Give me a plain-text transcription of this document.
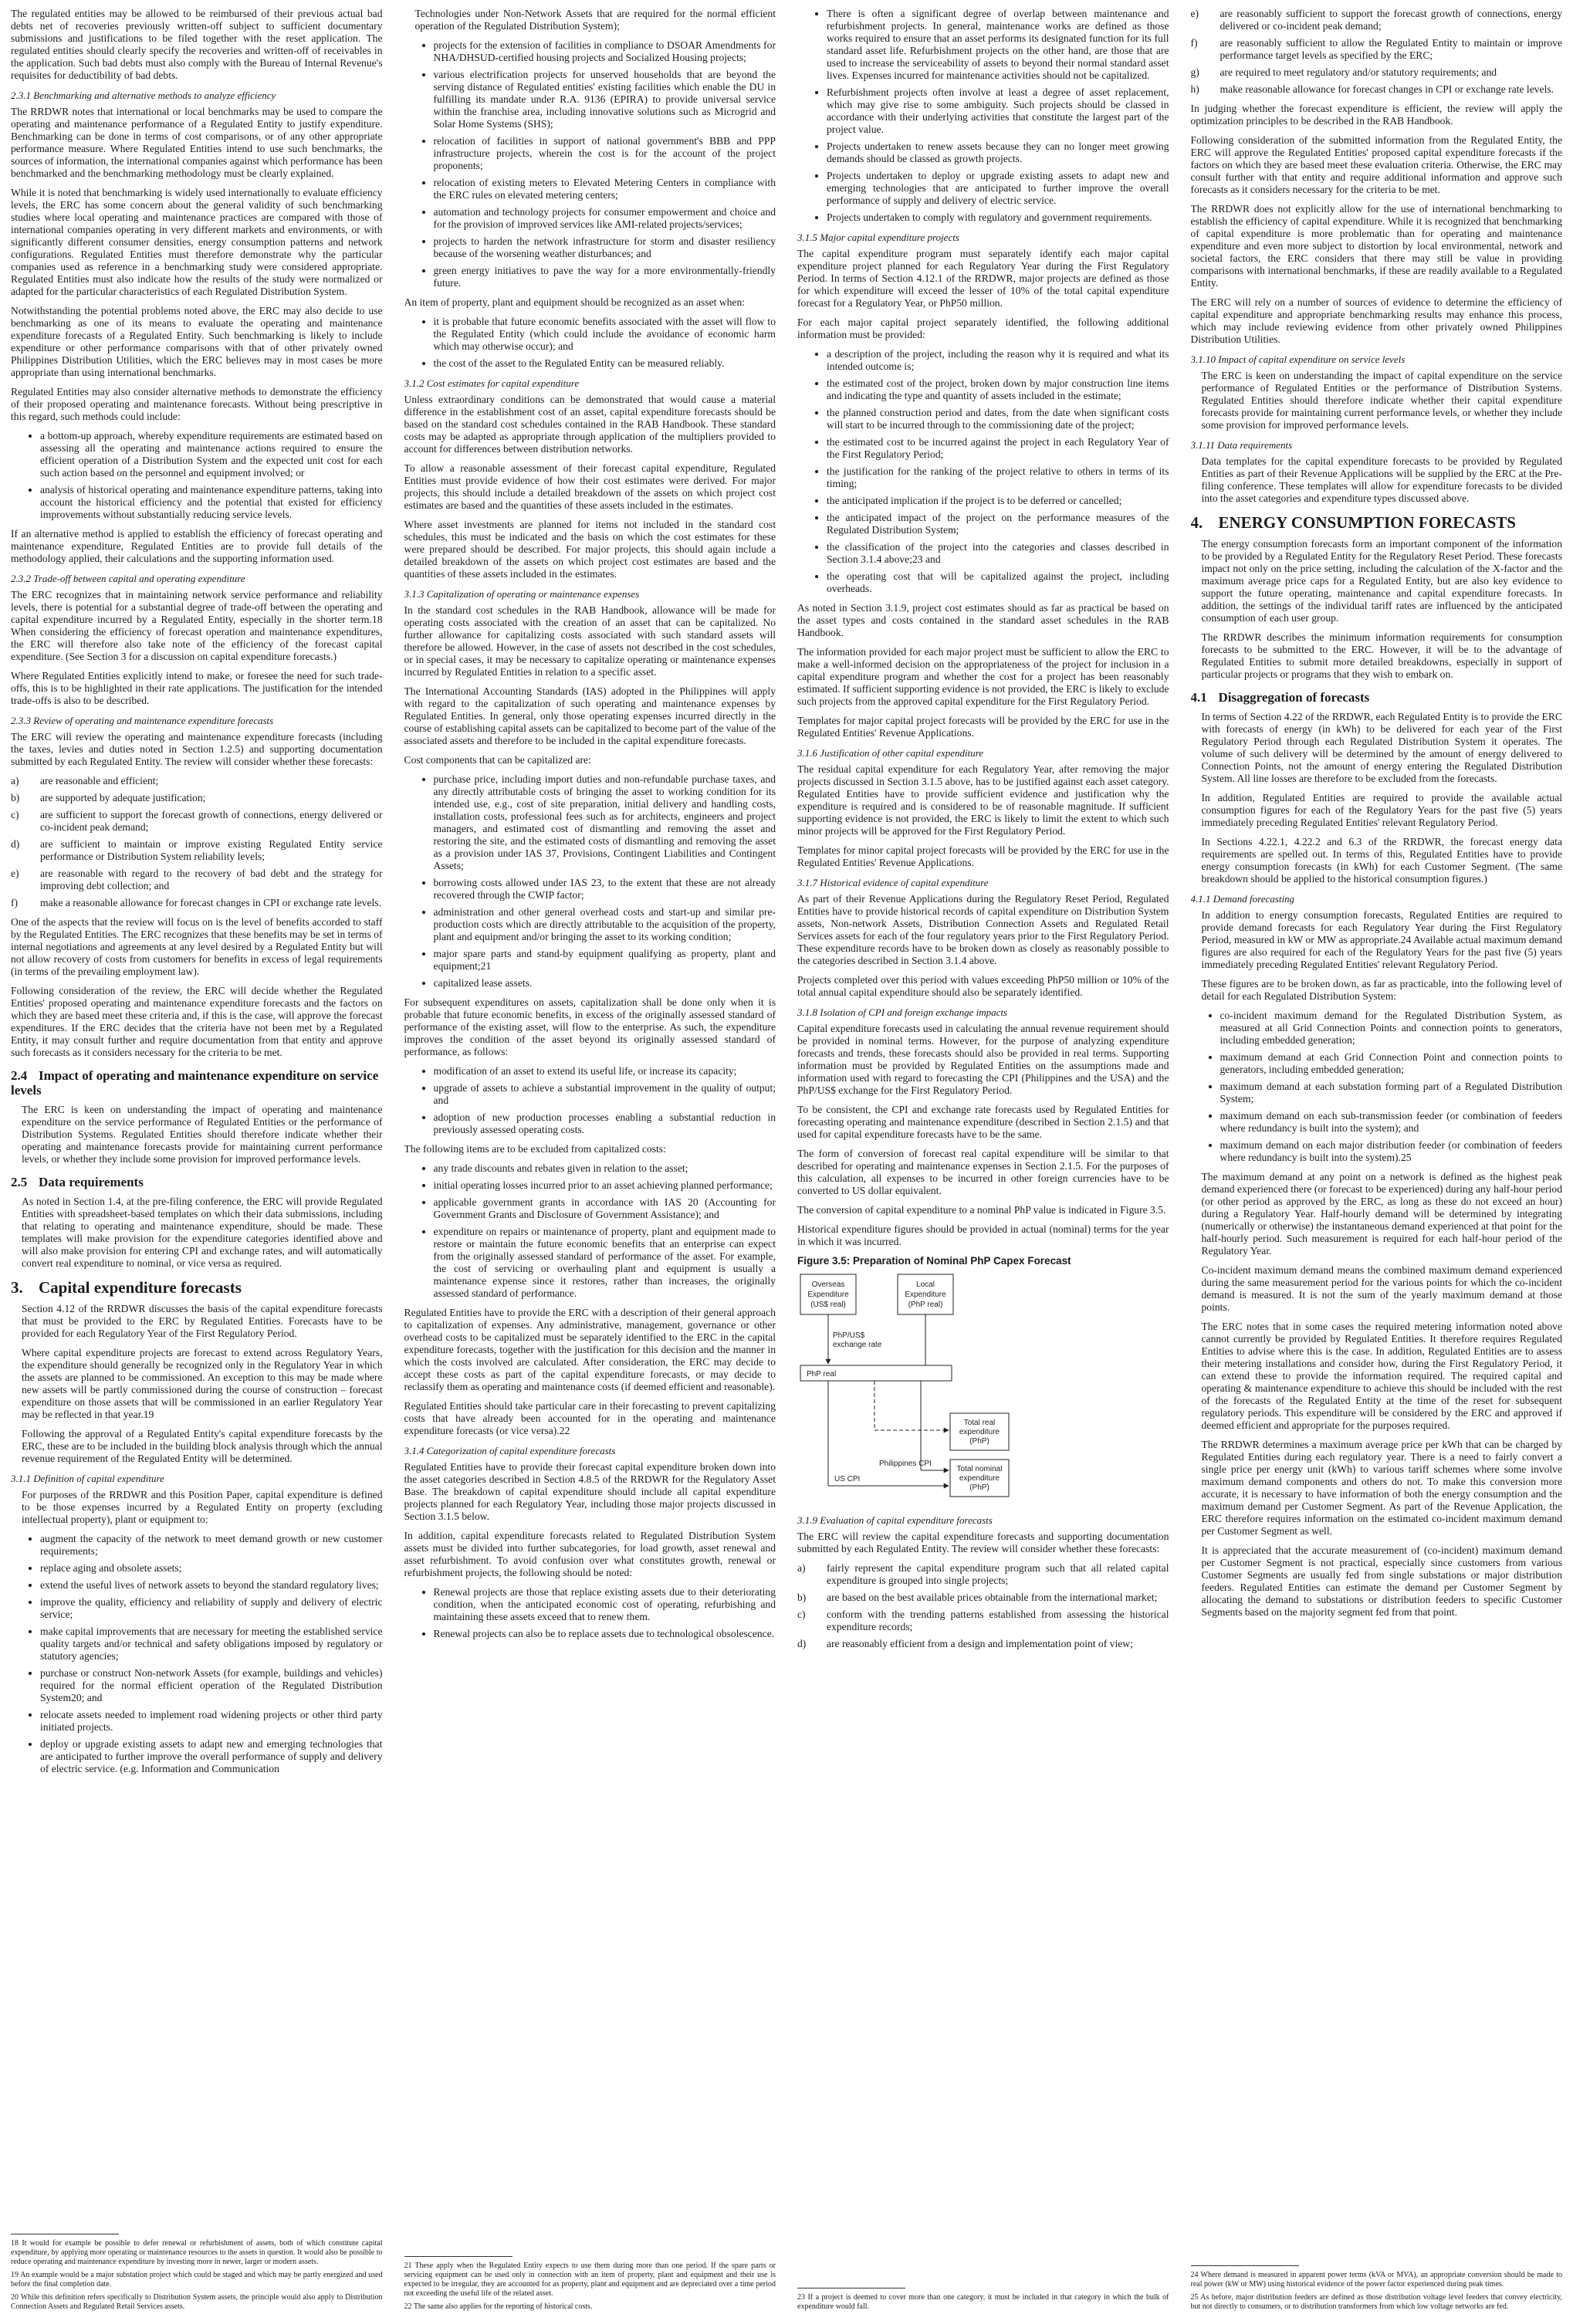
The regulated entities may be allowed to be reimbursed of their previous actual bad debts net of recoveries previously written-off subject to sufficient documentary submissions and justifications to be filed together with the reset application. The regulated entities should clearly specify the recoveries and written-off of receivables in the application. Such bad debts must also comply with the Bureau of Internal Revenue's requisites for deductibility of bad debts.

2.3.1 Benchmarking and alternative methods to analyze efficiency

The RRDWR notes that international or local benchmarks may be used to compare the operating and maintenance performance of a Regulated Entity to justify expenditure. Benchmarking can be done in terms of cost comparisons, or of any other appropriate performance measure. Where Regulated Entities intend to use such benchmarks, the sources of information, the international companies against which performance has been benchmarked and the benchmarking methodology must be clearly explained.

While it is noted that benchmarking is widely used internationally to evaluate efficiency levels, the ERC has some concern about the general validity of such benchmarking studies where local operating and maintenance practices are compared with those of international companies operating in very different markets and environments, or with significantly different consumer densities, energy consumption patterns and network configurations. Regulated Entities must therefore demonstrate why the particular companies used as reference in a benchmarking study were considered appropriate. Regulated Entities must also indicate how the results of the study were normalized or adapted for the particular characteristics of each Regulated Distribution System.

Notwithstanding the potential problems noted above, the ERC may also decide to use benchmarking as one of its means to evaluate the operating and maintenance expenditure forecasts of a Regulated Entity. Such benchmarking is likely to include expenditure or other performance comparisons with that of other privately owned Philippines Distribution Utilities, which the ERC believes may in most cases be more appropriate than using international benchmarks.

Regulated Entities may also consider alternative methods to demonstrate the efficiency of their proposed operating and maintenance forecasts. Without being prescriptive in this regard, such methods could include:

• a bottom-up approach, whereby expenditure requirements are estimated based on assessing all the operating and maintenance actions required to ensure the efficient operation of a Distribution System and the expected unit cost for each such action based on the personnel and equipment involved; or
• analysis of historical operating and maintenance expenditure patterns, taking into account the historical efficiency and the potential that existed for efficiency improvements without substantially reducing service levels.

If an alternative method is applied to establish the efficiency of forecast operating and maintenance expenditure, Regulated Entities are to provide full details of the methodology applied, their calculations and the supporting information used.

2.3.2 Trade-off between capital and operating expenditure

The ERC recognizes that in maintaining network service performance and reliability levels, there is potential for a substantial degree of trade-off between the operating and capital expenditure incurred by a Regulated Entity, especially in the shorter term.18 When considering the efficiency of forecast operation and maintenance expenditures, the ERC will therefore also take note of the efficiency of the forecast capital expenditure. (See Section 3 for a discussion on capital expenditure forecasts.)

Where Regulated Entities explicitly intend to make, or foresee the need for such trade-offs, this is to be highlighted in their rate applications. The justification for the intended trade-offs is also to be described.

2.3.3 Review of operating and maintenance expenditure forecasts

The ERC will review the operating and maintenance expenditure forecasts (including the taxes, levies and duties noted in Section 1.2.5) and supporting documentation submitted by each Regulated Entity. The review will consider whether these forecasts:

a)	are reasonable and efficient;
b)	are supported by adequate justification;
c)	are sufficient to support the forecast growth of connections, energy delivered or co-incident peak demand;
d)	are sufficient to maintain or improve existing Regulated Entity service performance or Distribution System reliability levels;
e)	are reasonable with regard to the recovery of bad debt and the strategy for improving debt collection; and
f)	make a reasonable allowance for forecast changes in CPI or exchange rate levels.

One of the aspects that the review will focus on is the level of benefits accorded to staff by the Regulated Entities. The ERC recognizes that these benefits may be set in terms of internal negotiations and agreements at any level desired by a Regulated Entity but will not allow recovery of costs from customers for benefits in excess of legal requirements (in terms of the prevailing employment law).

Following consideration of the review, the ERC will decide whether the Regulated Entities' proposed operating and maintenance expenditure forecasts and the factors on which they are based meet these criteria and, if this is the case, will approve the forecast expenditures. If the ERC decides that the criteria have not been met by a Regulated Entity, it may consult further and require documentation from that entity and approve such forecasts as it considers necessary for the criteria to be met.

2.4 Impact of operating and maintenance expenditure on service levels

The ERC is keen on understanding the impact of operating and maintenance expenditure on the service performance of Regulated Entities or the performance of Distribution Systems. Regulated Entities should therefore indicate whether their operating and maintenance forecasts provide for maintaining current performance levels, or whether they include some provision for improved performance levels.

2.5 Data requirements

As noted in Section 1.4, at the pre-filing conference, the ERC will provide Regulated Entities with spreadsheet-based templates on which their data submissions, including that relating to operating and maintenance expenditure, should be made. These templates will make provision for the expenditure categories identified above and will also make provision for entering CPI and exchange rates, and will automatically convert real expenditure to nominal, or vice versa as required.

3. Capital expenditure forecasts

Section 4.12 of the RRDWR discusses the basis of the capital expenditure forecasts that must be provided to the ERC by Regulated Entities. Forecasts have to be provided for each Regulatory Year of the First Regulatory Period.

Where capital expenditure projects are forecast to extend across Regulatory Years, the expenditure should generally be recognized only in the Regulatory Year in which the assets are planned to be commissioned. An exception to this may be made where new assets will be partly commissioned during the course of construction – forecast expenditure on those assets that will be commissioned in an earlier Regulatory Year may be reflected in that year.19

Following the approval of a Regulated Entity's capital expenditure forecasts by the ERC, these are to be included in the building block analysis through which the annual revenue requirement of the Regulated Entity will be determined.

3.1.1 Definition of capital expenditure

For purposes of the RRDWR and this Position Paper, capital expenditure is defined to be those expenses incurred by a Regulated Entity on property (excluding intellectual property), plant or equipment to:

• augment the capacity of the network to meet demand growth or new customer requirements;
• replace aging and obsolete assets;
• extend the useful lives of network assets to beyond the standard regulatory lives;
• improve the quality, efficiency and reliability of supply and delivery of electric service;
• make capital improvements that are necessary for meeting the established service quality targets and/or technical and safety obligations imposed by regulatory or statutory agencies;
• purchase or construct Non-network Assets (for example, buildings and vehicles) required for the normal efficient operation of the Regulated Distribution System20; and
• relocate assets needed to implement road widening projects or other third party initiated projects.
• deploy or upgrade existing assets to adapt new and emerging technologies that are anticipated to further improve the overall performance of supply and delivery of electric service. (e.g. Information and Communication

18 It would for example be possible to defer renewal or refurbishment of assets, both of which constitute capital expenditure, by applying more operating or maintenance resources to the assets in question. It would also be possible to reduce operating and maintenance expenditure by investing more in newer, larger or modern assets.

19 An example would be a major substation project which could be staged and which may be partly energized and used before the final completion date.

20 While this definition refers specifically to Distribution System assets, the principle would also apply to Distribution Connection Assets and Regulated Retail Services assets.

Technologies under Non-Network Assets that are required for the normal efficient operation of the Regulated Distribution System);

• projects for the extension of facilities in compliance to DSOAR Amendments for NHA/DHSUD-certified housing projects and Socialized Housing projects;
• various electrification projects for unserved households that are beyond the serving distance of Regulated entities' existing facilities which enable the DU in fulfilling its mandate under R.A. 9136 (EPIRA) to provide universal service within the franchise area, including innovative solutions such as Microgrid and Solar Home Systems (SHS);
• relocation of facilities in support of national government's BBB and PPP infrastructure projects, wherein the cost is for the account of the project proponents;
• relocation of existing meters to Elevated Metering Centers in compliance with the ERC rules on elevated metering centers;
• automation and technology projects for consumer empowerment and choice and for the provision of improved services like AMI-related projects/services;
• projects to harden the network infrastructure for storm and disaster resiliency because of the worsening weather disturbances; and
• green energy initiatives to pave the way for a more environmentally-friendly future.

An item of property, plant and equipment should be recognized as an asset when:

• it is probable that future economic benefits associated with the asset will flow to the Regulated Entity (which could include the avoidance of economic harm which may otherwise occur); and
• the cost of the asset to the Regulated Entity can be measured reliably.
3.1.2 Cost estimates for capital expenditure

Unless extraordinary conditions can be demonstrated that would cause a material difference in the establishment cost of an asset, capital expenditure forecasts should be based on the standard cost schedules contained in the RAB Handbook. These standard costs may be adapted as appropriate through application of the multipliers provided to account for differences between distribution networks.

To allow a reasonable assessment of their forecast capital expenditure, Regulated Entities must provide evidence of how their cost estimates were derived. For major projects, this should include a detailed breakdown of the assets on which project cost estimates are based and the quantities of these assets included in the estimates.

Where asset investments are planned for items not included in the standard cost schedules, this must be indicated and the basis on which the cost estimates for these were prepared should be described. For major projects, this should again include a detailed breakdown of the assets on which project cost estimates are based and the quantities of these assets included in the estimates.

3.1.3 Capitalization of operating or maintenance expenses

In the standard cost schedules in the RAB Handbook, allowance will be made for operating costs associated with the creation of an asset that can be capitalized. No further allowance for capitalizing costs associated with such standard assets will therefore be allowed. However, in the case of assets not described in the cost schedules, or in special cases, it may be necessary to capitalize operating or maintenance expenses incurred by Regulated Entities in relation to a specific asset.

The International Accounting Standards (IAS) adopted in the Philippines will apply with regard to the capitalization of such operating and maintenance expenses by Regulated Entities. In general, only those operating expenses incurred directly in the course of establishing capital assets can be capitalized to become part of the value of the associated assets and therefore to be included in the capital expenditure forecasts.

Cost components that can be capitalized are:

• purchase price, including import duties and non-refundable purchase taxes, and any directly attributable costs of bringing the asset to working condition for its intended use, e.g., cost of site preparation, initial delivery and handling costs, installation costs, professional fees such as for architects, engineers and project managers, and estimated cost of dismantling and removing the asset and restoring the site, and the estimated costs of dismantling and removing the asset as a provision under IAS 37, Provisions, Contingent Liabilities and Contingent Assets;
• borrowing costs allowed under IAS 23, to the extent that these are not already recovered through the CWIP factor;
• administration and other general overhead costs and start-up and similar pre-production costs which are directly attributable to the acquisition of the property, plant and equipment and/or bringing the asset to its working condition;
• major spare parts and stand-by equipment qualifying as property, plant and equipment;21
• capitalized lease assets.

For subsequent expenditures on assets, capitalization shall be done only when it is probable that future economic benefits, in excess of the originally assessed standard of performance of the existing asset, will flow to the enterprise. As such, the expenditure improves the condition of the asset beyond its originally assessed standard of performance, as follows:

• modification of an asset to extend its useful life, or increase its capacity;
• upgrade of assets to achieve a substantial improvement in the quality of output; and
• adoption of new production processes enabling a substantial reduction in previously assessed operating costs.

The following items are to be excluded from capitalized costs:

• any trade discounts and rebates given in relation to the asset;
• initial operating losses incurred prior to an asset achieving planned performance;
• applicable government grants in accordance with IAS 20 (Accounting for Government Grants and Disclosure of Government Assistance); and
• expenditure on repairs or maintenance of property, plant and equipment made to restore or maintain the future economic benefits that an enterprise can expect from the originally assessed standard of performance of the asset. For example, the cost of servicing or overhauling plant and equipment is usually a maintenance expense since it restores, rather than increases, the originally assessed standard of performance.

Regulated Entities have to provide the ERC with a description of their general approach to capitalization of expenses. Any administrative, management, governance or other overhead costs to be capitalized must be separately identified to the ERC in the capital expenditure forecasts, together with the justification for this decision and the manner in which the costs involved are calculated. After consideration, the ERC may decide to accept these costs as part of the capital expenditure forecasts, or may decide to reclassify them as operating and maintenance costs (if deemed efficient and reasonable).

Regulated Entities should take particular care in their forecasting to prevent capitalizing costs that have already been accounted for in the operating and maintenance expenditure forecasts (or vice versa).22

3.1.4 Categorization of capital expenditure forecasts

Regulated Entities have to provide their forecast capital expenditure broken down into the asset categories described in Section 4.8.5 of the RRDWR for the Regulatory Asset Base. The breakdown of capital expenditure should include all capital expenditure projects planned for each Regulatory Year, including those major projects discussed in Section 3.1.5 below.

In addition, capital expenditure forecasts related to Regulated Distribution System assets must be divided into further subcategories, for load growth, asset renewal and asset refurbishment. To avoid confusion over what constitutes growth, renewal or refurbishment projects, the following should be noted:

• Renewal projects are those that replace existing assets due to their deteriorating condition, when the anticipated economic cost of operating, refurbishing and maintaining these assets exceed that to renew them.
• Renewal projects can also be to replace assets due to technological obsolescence.

21 These apply when the Regulated Entity expects to use them during more than one period. If the spare parts or servicing equipment can be used only in connection with an item of property, plant and equipment and their use is expected to be irregular, they are accounted for as property, plant and equipment and are depreciated over a time period not exceeding the useful life of the related asset.

22 The same also applies for the reporting of historical costs.

• There is often a significant degree of overlap between maintenance and refurbishment projects. In general, maintenance works are defined as those works required to ensure that an asset performs its designated function for its full standard asset life. Refurbishment projects on the other hand, are those that are used to increase the serviceability of assets to beyond their normal standard asset lives. Expenses incurred for maintenance activities should not be capitalized.
• Refurbishment projects often involve at least a degree of asset replacement, which may give rise to some ambiguity. Such projects should be classed in accordance with their underlying activities that constitute the largest part of the project value.
• Projects undertaken to renew assets because they can no longer meet growing demands should be classed as growth projects.
• Projects undertaken to deploy or upgrade existing assets to adapt new and emerging technologies that are anticipated to further improve the overall performance of supply and delivery of electric service.
• Projects undertaken to comply with regulatory and government requirements.
3.1.5 Major capital expenditure projects

The capital expenditure program must separately identify each major capital expenditure project planned for each Regulatory Year during the First Regulatory Period. In terms of Section 4.12.1 of the RRDWR, major projects are defined as those for which expenditure will exceed the lesser of 10% of the total capital expenditure forecast for a Regulatory Year, or PhP50 million.

For each major capital project separately identified, the following additional information must be provided:

• a description of the project, including the reason why it is required and what its intended outcome is;
• the estimated cost of the project, broken down by major construction line items and indicating the type and quantity of assets included in the estimate;
• the planned construction period and dates, from the date when significant costs will start to be incurred through to the commissioning date of the project;
• the estimated cost to be incurred against the project in each Regulatory Year of the First Regulatory Period;
• the justification for the ranking of the project relative to others in terms of its timing;
• the anticipated implication if the project is to be deferred or cancelled;
• the anticipated impact of the project on the performance measures of the Regulated Distribution System;
• the classification of the project into the categories and classes described in Section 3.1.4 above;23 and
• the operating cost that will be capitalized against the project, including overheads.

As noted in Section 3.1.9, project cost estimates should as far as practical be based on the asset types and costs contained in the standard asset schedules in the RAB Handbook.

The information provided for each major project must be sufficient to allow the ERC to make a well-informed decision on the appropriateness of the project for inclusion in a capital expenditure program and whether the cost for a project has been reasonably estimated. If sufficient supporting evidence is not provided, the ERC is likely to exclude such projects from the approved capital expenditure for the First Regulatory Period.

Templates for major capital project forecasts will be provided by the ERC for use in the Regulated Entities' Revenue Applications.

3.1.6 Justification of other capital expenditure

The residual capital expenditure for each Regulatory Year, after removing the major projects discussed in Section 3.1.5 above, has to be justified against each asset category. Regulated Entities have to provide sufficient evidence and justification why the expenditure is required and is considered to be of reasonable magnitude. If sufficient supporting evidence is not provided, the ERC is likely to limit the extent to which such minor projects will be approved for the First Regulatory Period.

Templates for minor capital project forecasts will be provided by the ERC for use in the Regulated Entities' Revenue Applications.

3.1.7 Historical evidence of capital expenditure

As part of their Revenue Applications during the Regulatory Reset Period, Regulated Entities have to provide historical records of capital expenditure on Distribution System assets, Non-network Assets, Distribution Connection Assets and Regulated Retail Services assets for each of the four regulatory years prior to the First Regulatory Period. These expenditure records have to be broken down as closely as reasonably possible to the categories described in Section 3.1.4 above.

Projects completed over this period with values exceeding PhP50 million or 10% of the total annual capital expenditure should also be separately identified.

3.1.8 Isolation of CPI and foreign exchange impacts

Capital expenditure forecasts used in calculating the annual revenue requirement should be provided in nominal terms. However, for the purpose of analyzing expenditure forecasts and trends, these forecasts should also be provided in real terms. Supporting information must be provided by Regulated Entities on the assumptions made and information used with regard to forecasting the CPI (Philippines and the USA) and the PhP/US$ exchange for the First Regulatory Period.

To be consistent, the CPI and exchange rate forecasts used by Regulated Entities for forecasting operating and maintenance expenditure (described in Section 2.1.5) and that used for capital expenditure forecasts have to be the same.

The form of conversion of forecast real capital expenditure will be similar to that described for operating and maintenance expenses in Section 2.1.5. For the purposes of this calculation, all expenses to be incurred in other foreign currencies have to be converted to US dollar equivalent.

The conversion of capital expenditure to a nominal PhP value is indicated in Figure 3.5.

Historical expenditure figures should be provided in actual (nominal) terms for the year in which it was incurred.

Figure 3.5: Preparation of Nominal PhP Capex Forecast
Overseas
Expenditure
(US$ real)
Local
Expenditure
(PhP real)
PhP/US$
exchange rate
PhP real
Total real
expenditure
(PhP)
Philippines CPI
US CPI
Total nominal
expenditure
(PhP)
3.1.9 Evaluation of capital expenditure forecasts

The ERC will review the capital expenditure forecasts and supporting documentation submitted by each Regulated Entity. The review will consider whether these forecasts:

a)	fairly represent the capital expenditure program such that all related capital expenditure is grouped into single projects;
b)	are based on the best available prices obtainable from the international market;
c)	conform with the trending patterns established from assessing the historical expenditure records;
d)	are reasonably efficient from a design and implementation point of view;

23 If a project is deemed to cover more than one category, it must be included in that category in which the bulk of expenditure would fall.

e)	are reasonably sufficient to support the forecast growth of connections, energy delivered or co-incident peak demand;
f)	are reasonably sufficient to allow the Regulated Entity to maintain or improve performance target levels as specified by the ERC;
g)	are required to meet regulatory and/or statutory requirements; and
h)	make reasonable allowance for forecast changes in CPI or exchange rate levels.

In judging whether the forecast expenditure is efficient, the review will apply the optimization principles to be described in the RAB Handbook.

Following consideration of the submitted information from the Regulated Entity, the ERC will approve the Regulated Entities' proposed capital expenditure forecasts if the factors on which they are based meet these evaluation criteria. Otherwise, the ERC may consult further with that entity and require additional information and approve such forecasts as it considers necessary for the criteria to be met.

The RRDWR does not explicitly allow for the use of international benchmarking to establish the efficiency of capital expenditure. While it is recognized that benchmarking of capital expenditure is more problematic than for operating and maintenance expenditure and even more subject to distortion by local environmental, network and societal factors, the ERC considers that there may still be value in providing comparisons with international benchmarks, if these are readily available to a Regulated Entity.

The ERC will rely on a number of sources of evidence to determine the efficiency of capital expenditure and appropriate benchmarking results may enhance this process, which may include reviewing evidence from other privately owned Philippines Distribution Utilities.

3.1.10 Impact of capital expenditure on service levels

The ERC is keen on understanding the impact of capital expenditure on the service performance of Regulated Entities or the performance of Distribution Systems. Regulated Entities should therefore indicate whether their capital expenditure forecasts provide for maintaining current performance levels, or whether they include some provision for improved performance levels.

3.1.11 Data requirements

Data templates for the capital expenditure forecasts to be provided by Regulated Entities as part of their Revenue Applications will be supplied by the ERC at the Pre-filing conference. These templates will allow for expenditure forecasts to be divided into the asset categories and expenditure types discussed above.

4. ENERGY CONSUMPTION FORECASTS

The energy consumption forecasts form an important component of the information to be provided by a Regulated Entity for the Regulatory Reset Period. These forecasts impact not only on the price setting, including the calculation of the X-factor and the maximum average price caps for a Regulated Entity, but are also key evidence to support the future operating, maintenance and capital expenditure forecasts. In addition, the settings of the individual tariff rates are influenced by the anticipated consumption of each user group.

The RRDWR describes the minimum information requirements for consumption forecasts to be submitted to the ERC. However, it will be to the advantage of Regulated Entities to submit more detailed breakdowns, especially in support of particular projects or programs that they wish to embark on.

4.1 Disaggregation of forecasts

In terms of Section 4.22 of the RRDWR, each Regulated Entity is to provide the ERC with forecasts of energy (in kWh) to be delivered for each year of the First Regulatory Period through each Regulated Distribution System it operates. The volume of such delivery will be determined by the amount of energy delivered to Connection Points, not the amount of energy entering the Regulated Distribution System. All line losses are therefore to be excluded from the forecasts.

In addition, Regulated Entities are required to provide the available actual consumption figures for each of the Regulatory Years for the past five (5) years immediately preceding Regulated Entities' relevant Regulatory Period.

In Sections 4.22.1, 4.22.2 and 6.3 of the RRDWR, the forecast energy data requirements are spelled out. In terms of this, Regulated Entities have to provide energy consumption forecasts (in kWh) for each Customer Segment. (The same breakdown should be applied to the historical consumption figures.)

4.1.1 Demand forecasting

In addition to energy consumption forecasts, Regulated Entities are required to provide demand forecasts for each Regulatory Year during the First Regulatory Period, measured in kW or MW as appropriate.24 Available actual maximum demand figures are also required for each of the Regulatory Years for the past five (5) years immediately preceding Regulated Entities' relevant Regulatory Period.

These figures are to be broken down, as far as practicable, into the following level of detail for each Regulated Distribution System:

• co-incident maximum demand for the Regulated Distribution System, as measured at all Grid Connection Points and connection points to generators, including embedded generation;
• maximum demand at each Grid Connection Point and connection points to generators, including embedded generation;
• maximum demand at each substation forming part of a Regulated Distribution System;
• maximum demand on each sub-transmission feeder (or combination of feeders where redundancy is built into the system); and
• maximum demand on each major distribution feeder (or combination of feeders where redundancy is built into the system).25

The maximum demand at any point on a network is defined as the highest peak demand experienced there (or forecast to be experienced) during any half-hour period (or other period as approved by the ERC, as long as these do not exceed an hour) during a Regulatory Year. Half-hourly demand will be determined by integrating (numerically or otherwise) the instantaneous demand experienced at that point for the half-hourly period. Such measurement is required for each half-hour period of the Regulatory Year.

Co-incident maximum demand means the combined maximum demand experienced during the same measurement period for the various points for which the co-incident demand is measured. It is not the sum of the yearly maximum demand at those points.

The ERC notes that in some cases the required metering information noted above cannot currently be provided by Regulated Entities. It therefore requires Regulated Entities to advise where this is the case. In addition, Regulated Entities are to assess their metering installations and consider how, during the First Regulatory Period, it can extend these to provide the information required. The required capital and operating & maintenance expenditure to achieve this should be included with the rest of the forecasts of the Regulated Entity at the time of the reset for subsequent regulatory periods. This expenditure will be considered by the ERC and approved if deemed efficient and appropriate for the purposes required.

The RRDWR determines a maximum average price per kWh that can be charged by Regulated Entities during each regulatory year. There is a need to fairly convert a single price per energy unit (kWh) to various tariff schemes where some involve maximum demand components and others do not. To make this conversion more accurate, it is necessary to have information of both the energy consumption and the maximum demand per Customer Segment. As part of the Revenue Application, the ERC therefore requires information on the estimated co-incident maximum demand per Customer Segment as well.

It is appreciated that the accurate measurement of (co-incident) maximum demand per Customer Segment is not practical, especially since customers from various Customer Segments are usually fed from single substations or major distribution feeders. Regulated Entities can estimate the demand per Customer Segment by allocating the demand to substations or distribution feeders to specific Customer Segments based on the majority segment fed from that point.

24 Where demand is measured in apparent power terms (kVA or MVA), an appropriate conversion should be made to real power (kW or MW) using historical evidence of the power factor experienced during peak times.

25 As before, major distribution feeders are defined as those distribution voltage level feeders that convey electricity, but not directly to consumers, or to distribution transformers from which low voltage networks are fed.
